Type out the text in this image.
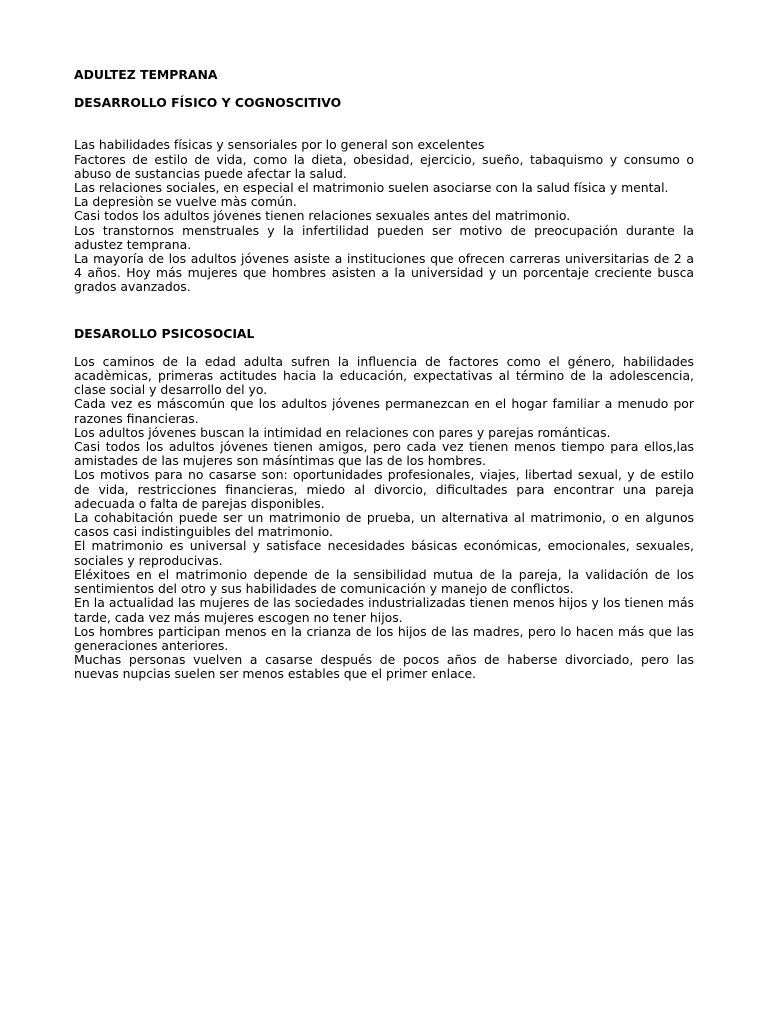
ADULTEZ TEMPRANA

DESARROLLO FÍSICO Y COGNOSCITIVO

Las habilidades físicas y sensoriales por lo general son excelentes

Factores de estilo de vida, como la dieta, obesidad, ejercicio, sueño, tabaquismo y consumo o abuso de sustancias puede afectar la salud.

Las relaciones sociales, en especial el matrimonio suelen asociarse con la salud física y mental.

La depresiòn se vuelve màs común.

Casi todos los adultos jóvenes tienen relaciones sexuales antes del matrimonio.

Los transtornos menstruales y la infertilidad pueden ser motivo de preocupación durante la adustez temprana.

La mayoría de los adultos jóvenes asiste a instituciones que ofrecen carreras universitarias de 2 a 4 años. Hoy más mujeres que hombres asisten a la universidad y un porcentaje creciente busca grados avanzados.

DESAROLLO PSICOSOCIAL

Los caminos de la edad adulta sufren la influencia de factores como el género, habilidades acadèmicas, primeras actitudes hacia la educación, expectativas al término de la adolescencia, clase social y desarrollo del yo.

Cada vez es máscomún que los adultos jóvenes permanezcan en el hogar familiar a menudo por razones financieras.

Los adultos jóvenes buscan la intimidad en relaciones con pares y parejas románticas.

Casi todos los adultos jóvenes tienen amigos, pero cada vez tienen menos tiempo para ellos,las amistades de las mujeres son másíntimas que las de los hombres.

Los motivos para no casarse son: oportunidades profesionales, viajes, libertad sexual, y de estilo de vida, restricciones financieras, miedo al divorcio, dificultades para encontrar una pareja adecuada o falta de parejas disponibles.

La cohabitación puede ser un matrimonio de prueba, un alternativa al matrimonio, o en algunos casos casi indistinguibles del matrimonio.

El matrimonio es universal y satisface necesidades básicas económicas, emocionales, sexuales, sociales y reproducivas.

Eléxitoes en el matrimonio depende de la sensibilidad mutua de la pareja, la validación de los sentimientos del otro y sus habilidades de comunicación y manejo de conflictos.

En la actualidad las mujeres de las sociedades industrializadas tienen menos hijos y los tienen más tarde, cada vez más mujeres escogen no tener hijos.

Los hombres participan menos en la crianza de los hijos de las madres, pero lo hacen más que las generaciones anteriores.

Muchas personas vuelven a casarse después de pocos años de haberse divorciado, pero las nuevas nupcias suelen ser menos estables que el primer enlace.
